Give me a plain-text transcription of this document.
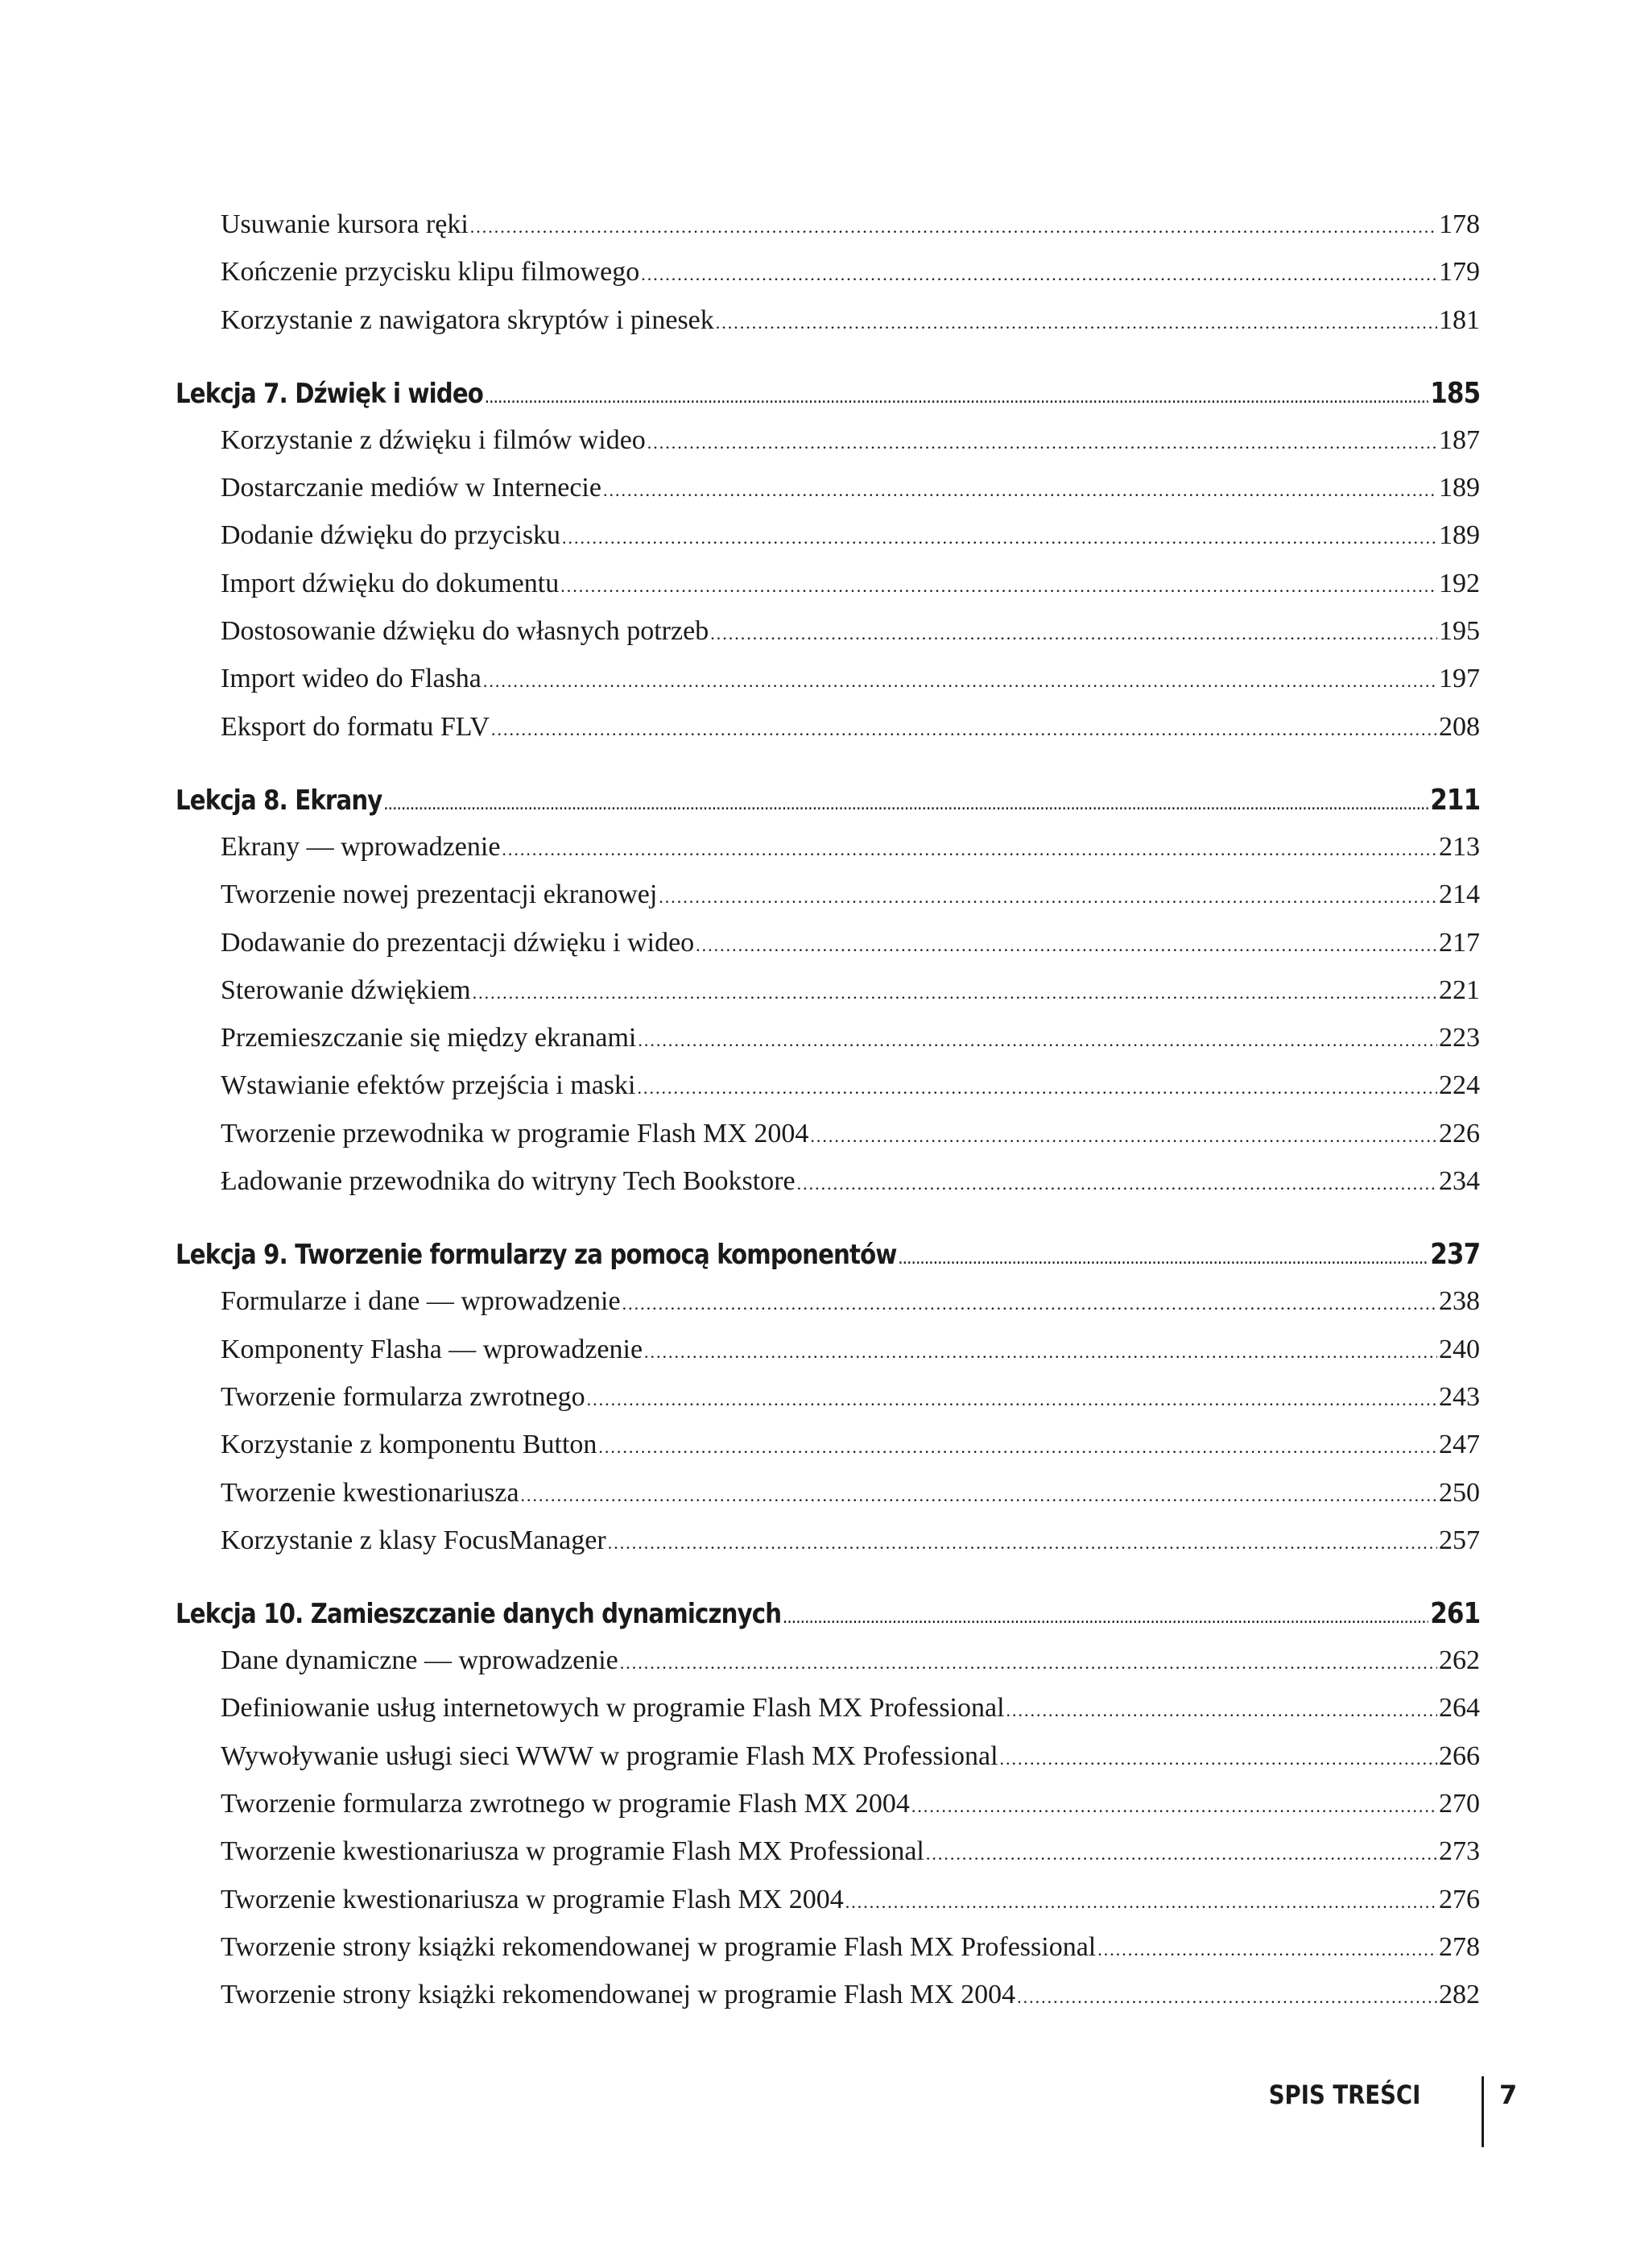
Usuwanie kursora ręki .....	178
Kończenie przycisku klipu filmowego .....	179
Korzystanie z nawigatora skryptów i pinesek .....	181
Lekcja 7. Dźwięk i wideo .....	185
Korzystanie z dźwięku i filmów wideo .....	187
Dostarczanie mediów w Internecie .....	189
Dodanie dźwięku do przycisku .....	189
Import dźwięku do dokumentu .....	192
Dostosowanie dźwięku do własnych potrzeb .....	195
Import wideo do Flasha .....	197
Eksport do formatu FLV .....	208
Lekcja 8. Ekrany .....	211
Ekrany — wprowadzenie .....	213
Tworzenie nowej prezentacji ekranowej .....	214
Dodawanie do prezentacji dźwięku i wideo .....	217
Sterowanie dźwiękiem .....	221
Przemieszczanie się między ekranami .....	223
Wstawianie efektów przejścia i maski .....	224
Tworzenie przewodnika w programie Flash MX 2004 .....	226
Ładowanie przewodnika do witryny Tech Bookstore .....	234
Lekcja 9. Tworzenie formularzy za pomocą komponentów .....	237
Formularze i dane — wprowadzenie .....	238
Komponenty Flasha — wprowadzenie .....	240
Tworzenie formularza zwrotnego .....	243
Korzystanie z komponentu Button .....	247
Tworzenie kwestionariusza .....	250
Korzystanie z klasy FocusManager .....	257
Lekcja 10. Zamieszczanie danych dynamicznych .....	261
Dane dynamiczne — wprowadzenie .....	262
Definiowanie usług internetowych w programie Flash MX Professional .....	264
Wywoływanie usługi sieci WWW w programie Flash MX Professional .....	266
Tworzenie formularza zwrotnego w programie Flash MX 2004 .....	270
Tworzenie kwestionariusza w programie Flash MX Professional .....	273
Tworzenie kwestionariusza w programie Flash MX 2004 .....	276
Tworzenie strony książki rekomendowanej w programie Flash MX Professional .....	278
Tworzenie strony książki rekomendowanej w programie Flash MX 2004 .....	282
SPIS TREŚCI	7
